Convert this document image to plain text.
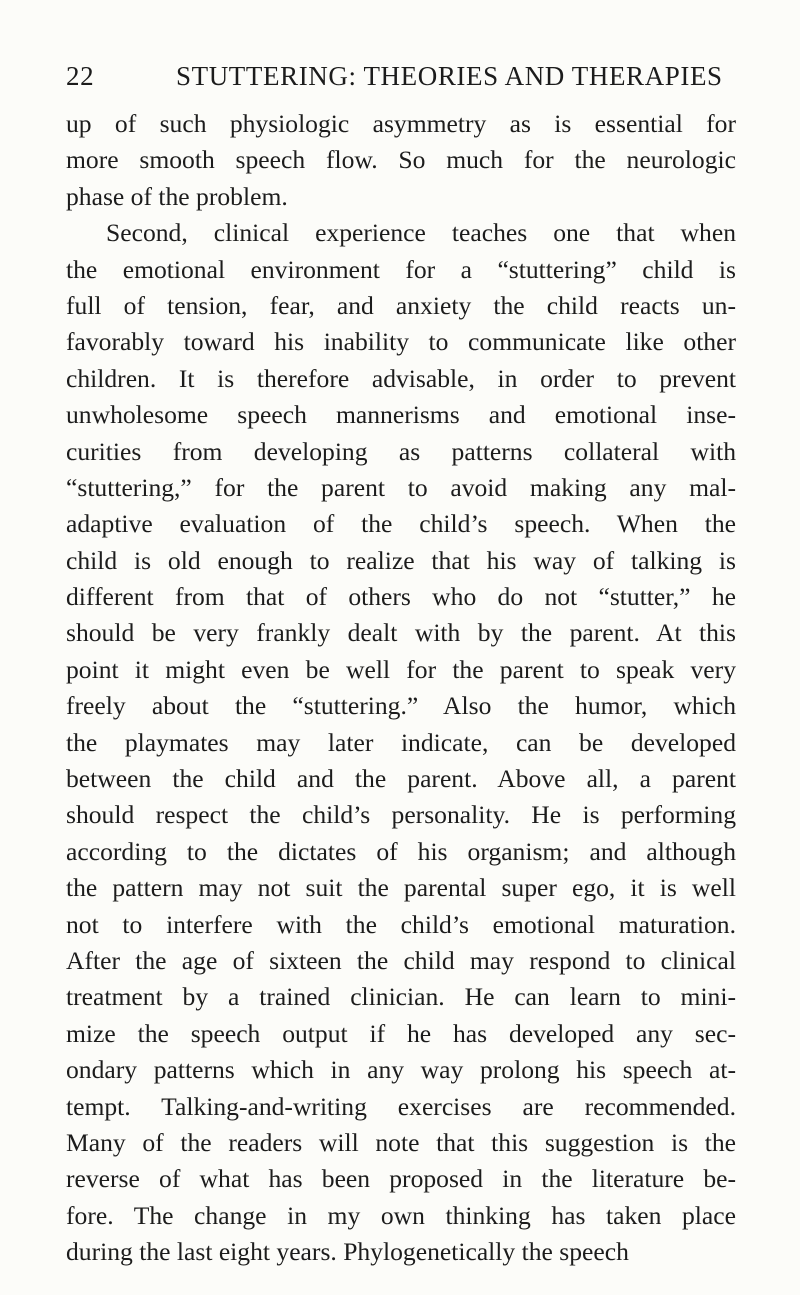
22	STUTTERING: THEORIES AND THERAPIES
up of such physiologic asymmetry as is essential for
more smooth speech flow. So much for the neurologic
phase of the problem.
Second, clinical experience teaches one that when
the emotional environment for a “stuttering” child is
full of tension, fear, and anxiety the child reacts un-
favorably toward his inability to communicate like other
children. It is therefore advisable, in order to prevent
unwholesome speech mannerisms and emotional inse-
curities from developing as patterns collateral with
“stuttering,” for the parent to avoid making any mal-
adaptive evaluation of the child’s speech. When the
child is old enough to realize that his way of talking is
different from that of others who do not “stutter,” he
should be very frankly dealt with by the parent. At this
point it might even be well for the parent to speak very
freely about the “stuttering.” Also the humor, which
the playmates may later indicate, can be developed
between the child and the parent. Above all, a parent
should respect the child’s personality. He is performing
according to the dictates of his organism; and although
the pattern may not suit the parental super ego, it is well
not to interfere with the child’s emotional maturation.
After the age of sixteen the child may respond to clinical
treatment by a trained clinician. He can learn to mini-
mize the speech output if he has developed any sec-
ondary patterns which in any way prolong his speech at-
tempt. Talking-and-writing exercises are recommended.
Many of the readers will note that this suggestion is the
reverse of what has been proposed in the literature be-
fore. The change in my own thinking has taken place
during the last eight years. Phylogenetically the speech
